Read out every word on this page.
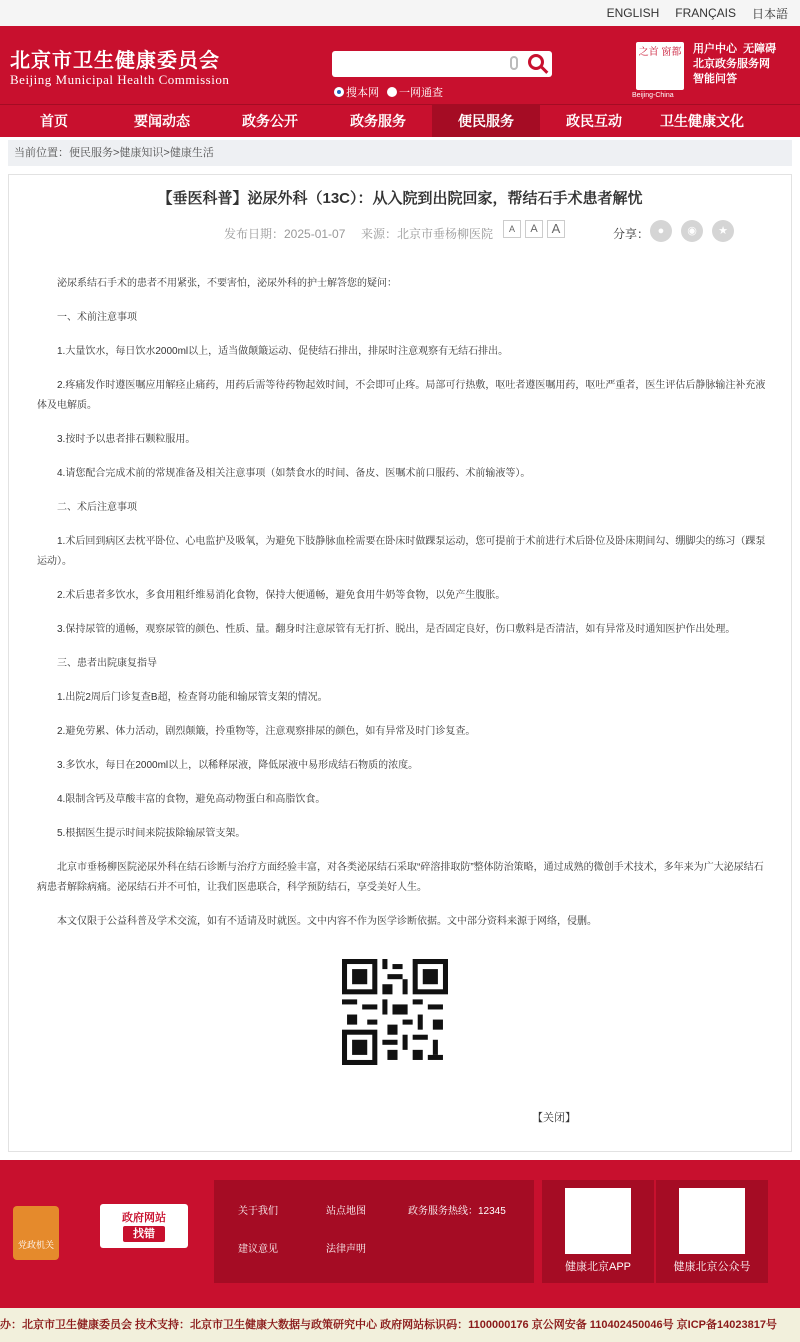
ENGLISH FRANÇAIS 日本語
北京市卫生健康委员会
Beijing Municipal Health Commission
搜本网	一网通查
之首 窗都
Beijing-China
用户中心 无障碍
北京政务服务网
智能问答
首页	要闻动态	政务公开	政务服务	便民服务	政民互动	卫生健康文化
当前位置：便民服务>健康知识>健康生活
【垂医科普】泌尿外科（13C）：从入院到出院回家，帮结石手术患者解忧
发布日期：2025-01-07 来源：北京市垂杨柳医院	A	A	A	分享： ●	◉	★

泌尿系结石手术的患者不用紧张，不要害怕，泌尿外科的护士解答您的疑问：

一、术前注意事项

1.大量饮水，每日饮水2000ml以上，适当做颠簸运动、促使结石排出，排尿时注意观察有无结石排出。

2.疼痛发作时遵医嘱应用解痉止痛药，用药后需等待药物起效时间，不会即可止疼。局部可行热敷，呕吐者遵医嘱用药，呕吐严重者，医生评估后静脉输注补充液体及电解质。

3.按时予以患者排石颗粒服用。

4.请您配合完成术前的常规准备及相关注意事项（如禁食水的时间、备皮、医嘱术前口服药、术前输液等）。

二、术后注意事项

1.术后回到病区去枕平卧位、心电监护及吸氧，为避免下肢静脉血栓需要在卧床时做踝泵运动，您可提前于术前进行术后卧位及卧床期间勾、绷脚尖的练习（踝泵运动）。

2.术后患者多饮水，多食用粗纤维易消化食物，保持大便通畅，避免食用牛奶等食物，以免产生腹胀。

3.保持尿管的通畅，观察尿管的颜色、性质、量。翻身时注意尿管有无打折、脱出，是否固定良好，伤口敷料是否清洁，如有异常及时通知医护作出处理。

三、患者出院康复指导

1.出院2周后门诊复查B超，检查肾功能和输尿管支架的情况。

2.避免劳累、体力活动，剧烈颠簸，拎重物等，注意观察排尿的颜色，如有异常及时门诊复查。

3.多饮水，每日在2000ml以上，以稀释尿液，降低尿液中易形成结石物质的浓度。

4.限制含钙及草酸丰富的食物，避免高动物蛋白和高脂饮食。

5.根据医生提示时间来院拔除输尿管支架。

北京市垂杨柳医院泌尿外科在结石诊断与治疗方面经验丰富，对各类泌尿结石采取“碎溶排取防”整体防治策略，通过成熟的微创手术技术，多年来为广大泌尿结石病患者解除病痛。泌尿结石并不可怕，让我们医患联合，科学预防结石，享受美好人生。

本文仅限于公益科普及学术交流，如有不适请及时就医。文中内容不作为医学诊断依据。文中部分资料来源于网络，侵删。

【关闭】
党政机关
政府网站
找错
关于我们	站点地图	政务服务热线：12345
建议意见	法律声明
健康北京APP	健康北京公众号
办：北京市卫生健康委员会 技术支持：北京市卫生健康大数据与政策研究中心 政府网站标识码：1100000176 京公网安备 110402450046号 京ICP备14023817号
